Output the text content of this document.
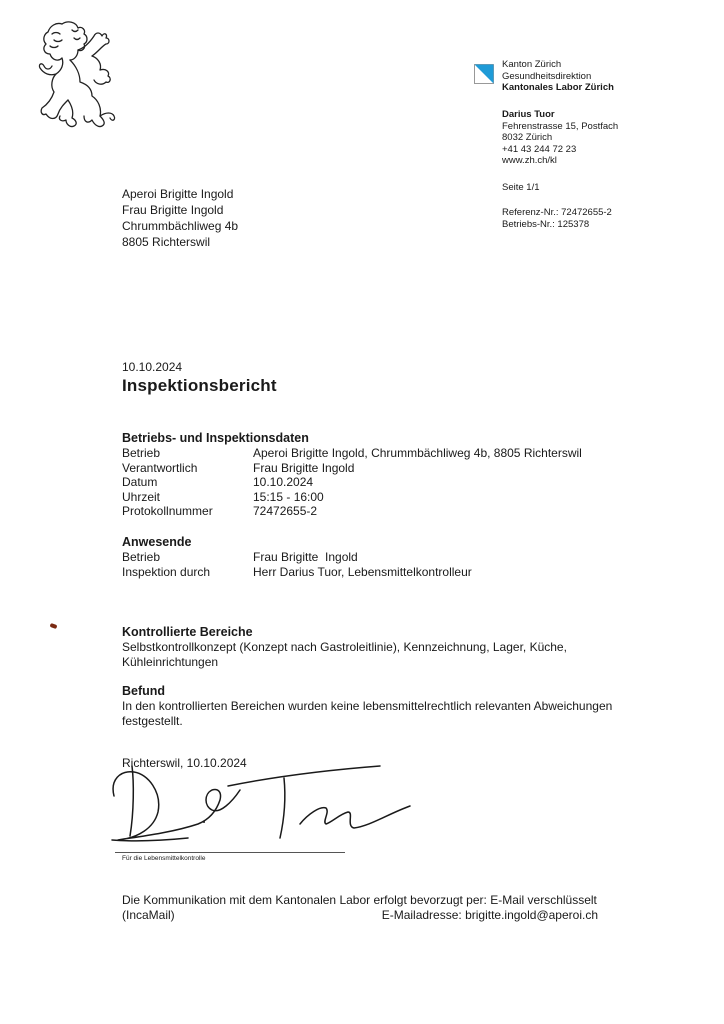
Kanton Zürich
Gesundheitsdirektion
Kantonales Labor Zürich
Darius Tuor
Fehrenstrasse 15, Postfach
8032 Zürich
+41 43 244 72 23
www.zh.ch/kl
Seite 1/1
Referenz-Nr.: 72472655-2
Betriebs-Nr.: 125378
Aperoi Brigitte Ingold
Frau Brigitte Ingold
Chrummbächliweg 4b
8805 Richterswil
10.10.2024
Inspektionsbericht
Betriebs- und Inspektionsdaten
Betrieb	Aperoi Brigitte Ingold, Chrummbächliweg 4b, 8805 Richterswil
Verantwortlich	Frau Brigitte Ingold
Datum	10.10.2024
Uhrzeit	15:15 - 16:00
Protokollnummer	72472655-2
Anwesende
Betrieb	Frau Brigitte  Ingold
Inspektion durch	Herr Darius Tuor, Lebensmittelkontrolleur
Kontrollierte Bereiche
Selbstkontrollkonzept (Konzept nach Gastroleitlinie), Kennzeichnung, Lager, Küche, Kühleinrichtungen
Befund
In den kontrollierten Bereichen wurden keine lebensmittelrechtlich relevanten Abweichungen festgestellt.
Richterswil, 10.10.2024
Für die Lebensmittelkontrolle
Die Kommunikation mit dem Kantonalen Labor erfolgt bevorzugt per: E-Mail verschlüsselt
(IncaMail)	E-Mailadresse: brigitte.ingold@aperoi.ch
